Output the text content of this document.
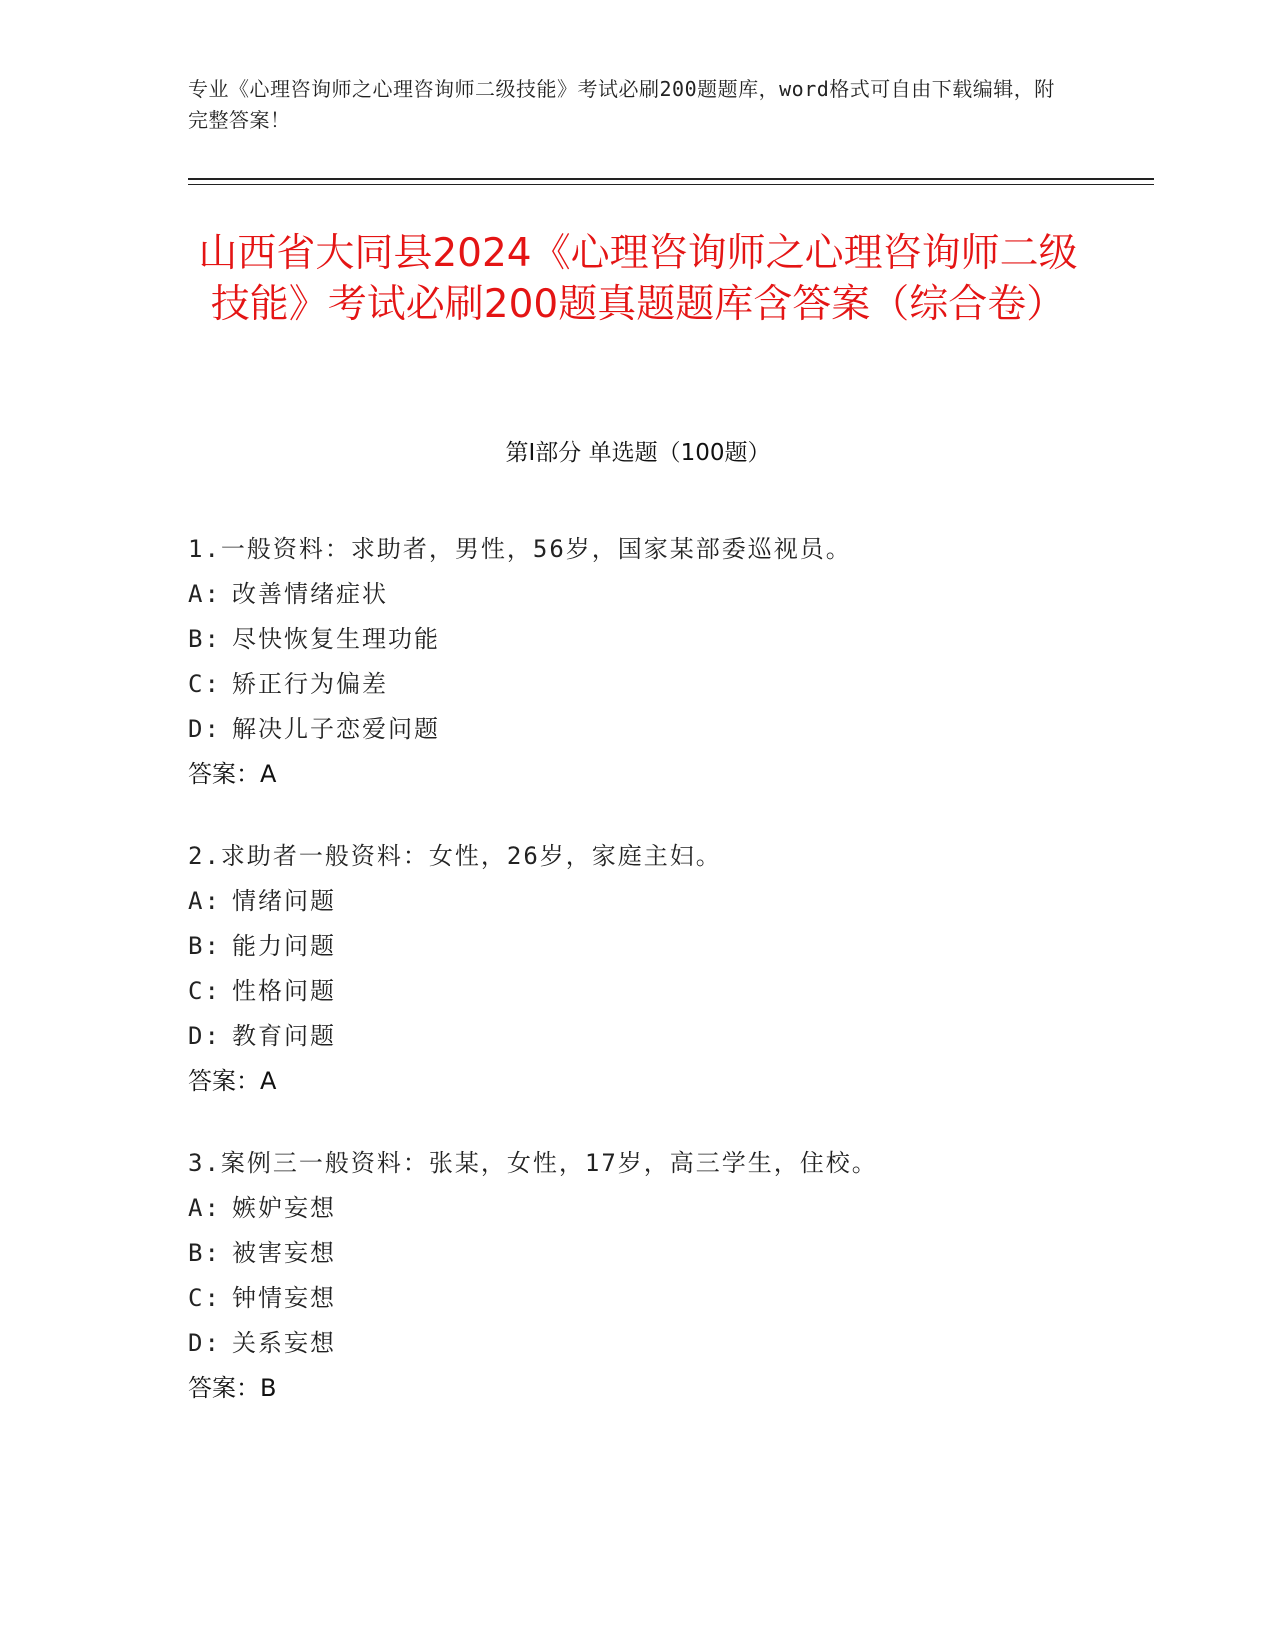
专业《心理咨询师之心理咨询师二级技能》考试必刷200题题库，word格式可自由下载编辑，附完整答案！
山西省大同县2024《心理咨询师之心理咨询师二级技能》考试必刷200题真题题库含答案（综合卷）
第Ⅰ部分 单选题（100题）
1.一般资料：求助者，男性，56岁，国家某部委巡视员。
A: 改善情绪症状
B: 尽快恢复生理功能
C: 矫正行为偏差
D: 解决儿子恋爱问题
答案：A
2.求助者一般资料：女性，26岁，家庭主妇。
A: 情绪问题
B: 能力问题
C: 性格问题
D: 教育问题
答案：A
3.案例三一般资料：张某，女性，17岁，高三学生，住校。
A: 嫉妒妄想
B: 被害妄想
C: 钟情妄想
D: 关系妄想
答案：B
